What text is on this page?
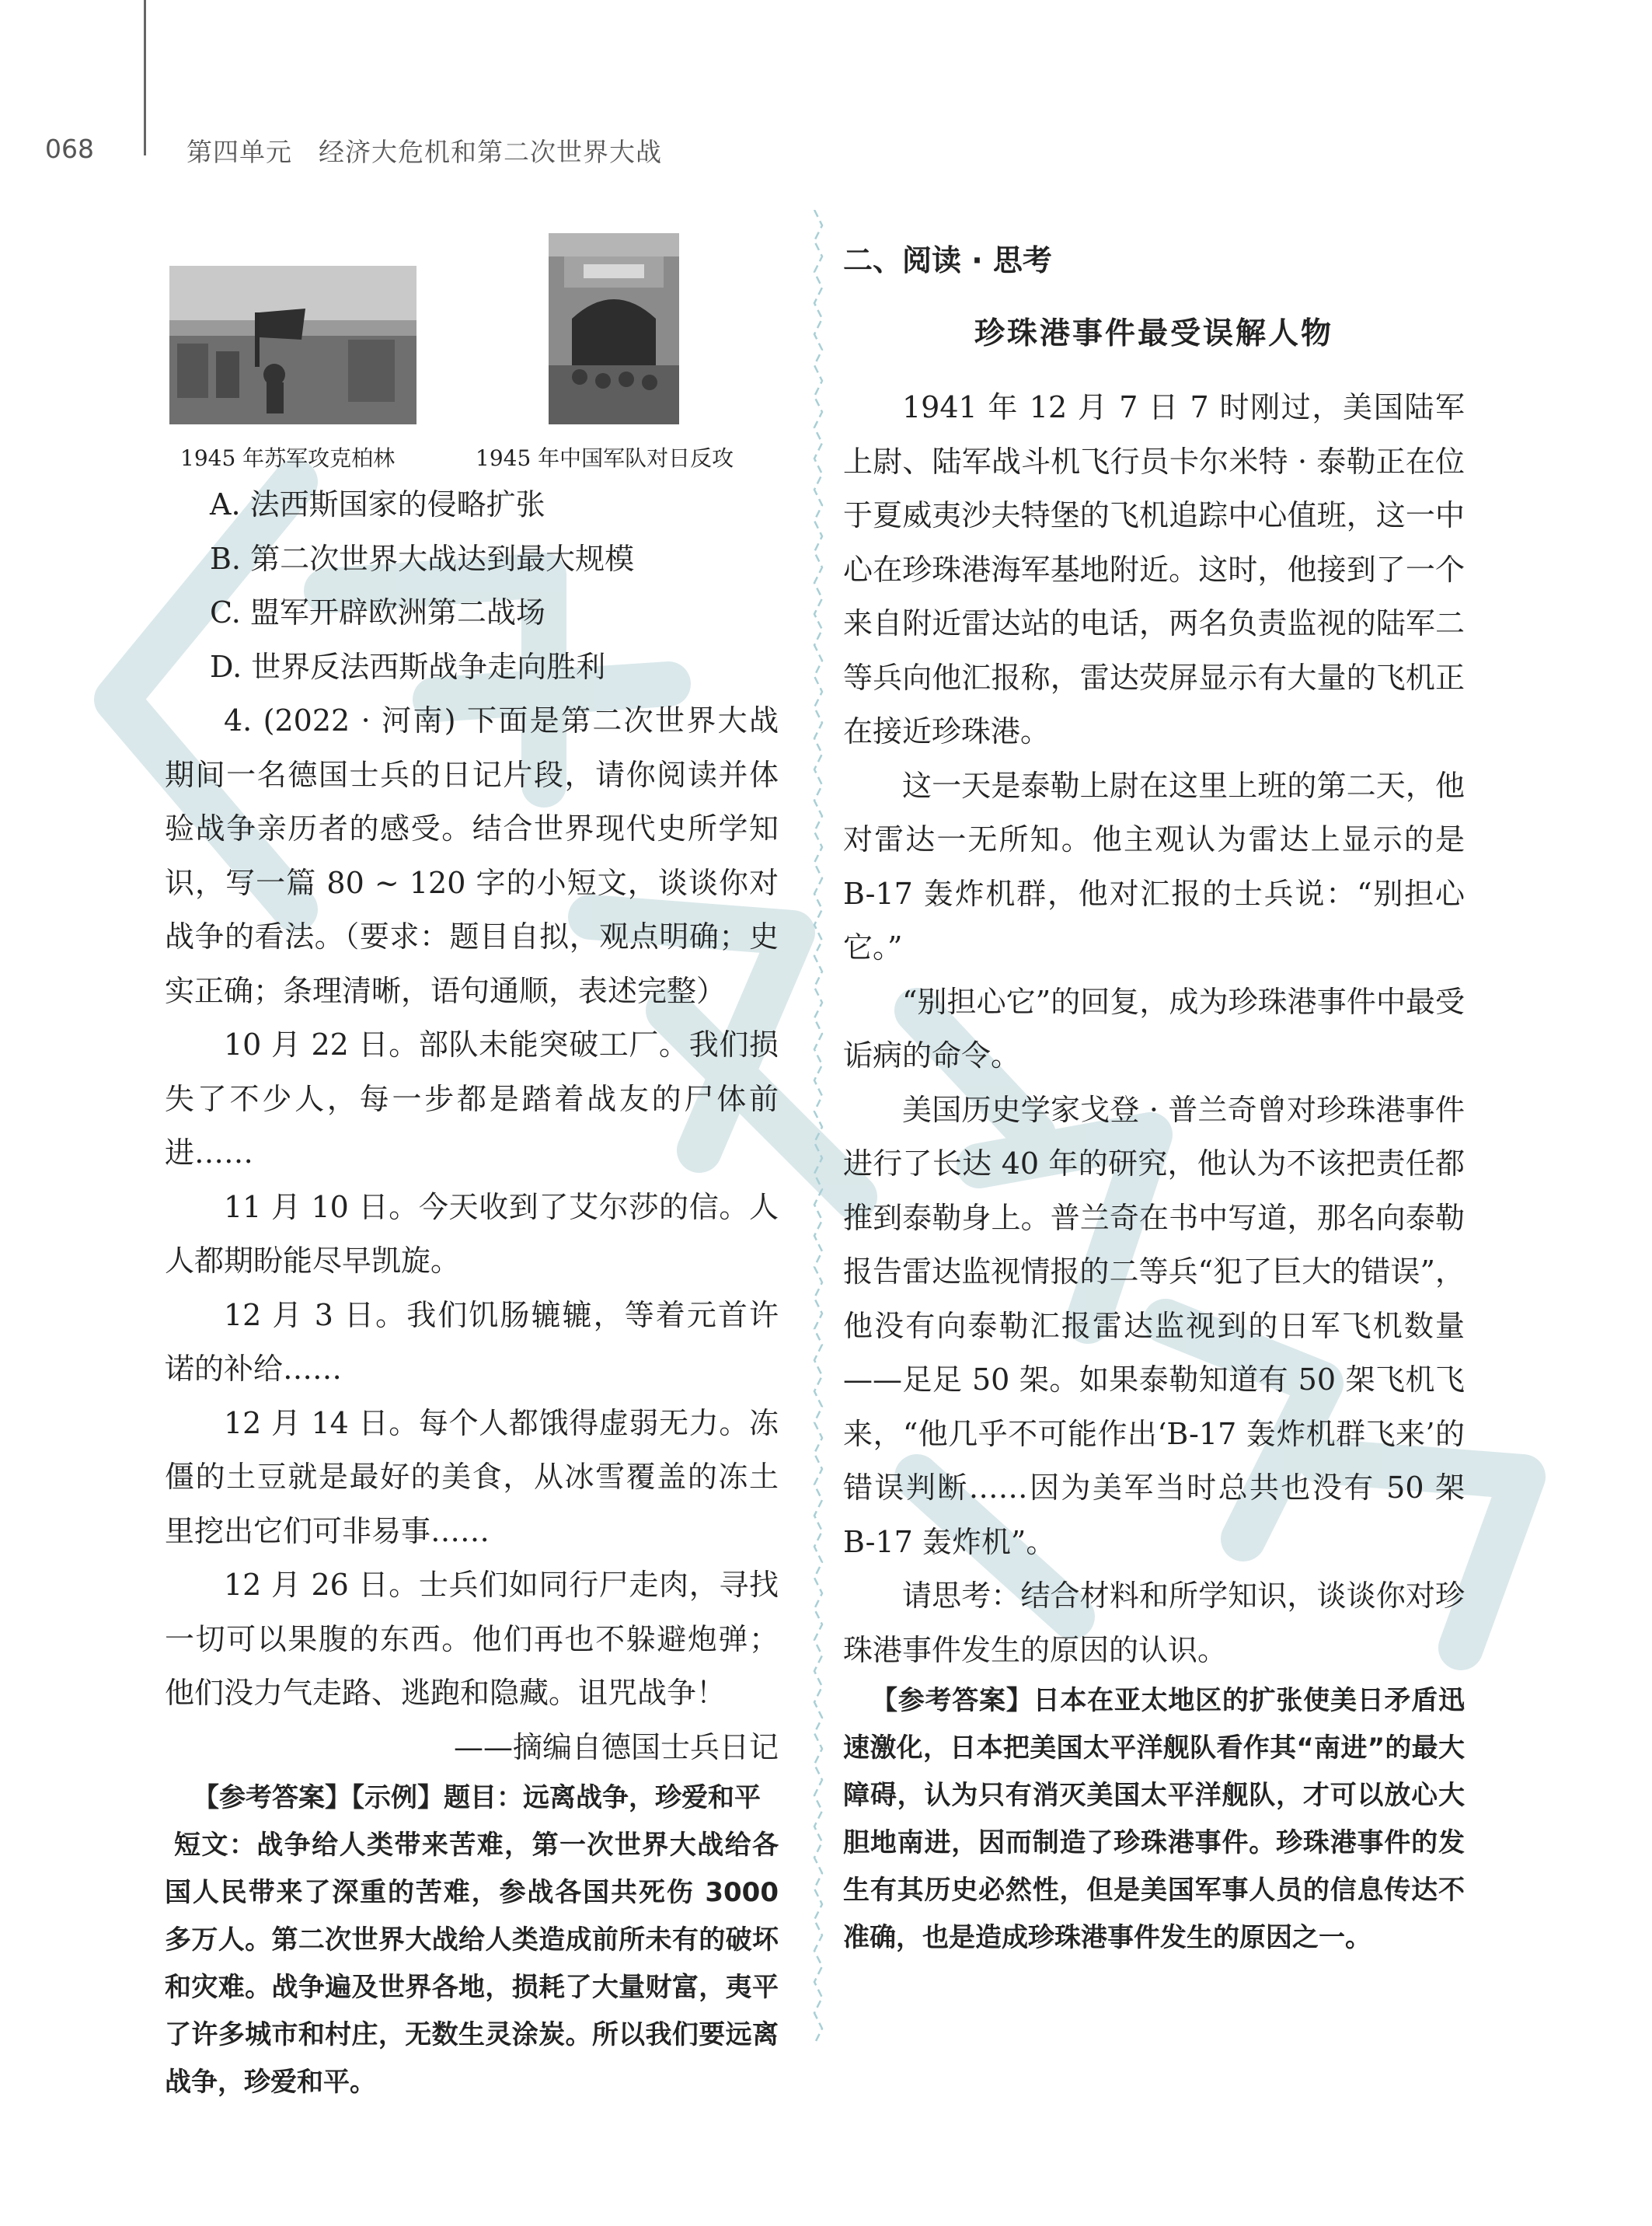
068	第四单元　经济大危机和第二次世界大战
1945 年苏军攻克柏林	1945 年中国军队对日反攻

A. 法西斯国家的侵略扩张

B. 第二次世界大战达到最大规模

C. 盟军开辟欧洲第二战场

D. 世界反法西斯战争走向胜利

4. (2022 · 河南) 下面是第二次世界大战期间一名德国士兵的日记片段，请你阅读并体验战争亲历者的感受。结合世界现代史所学知识，写一篇 80 ~ 120 字的小短文，谈谈你对战争的看法。（要求：题目自拟，观点明确；史实正确；条理清晰，语句通顺，表述完整）

10 月 22 日。部队未能突破工厂。我们损失了不少人，每一步都是踏着战友的尸体前进……

11 月 10 日。今天收到了艾尔莎的信。人人都期盼能尽早凯旋。

12 月 3 日。我们饥肠辘辘，等着元首许诺的补给……

12 月 14 日。每个人都饿得虚弱无力。冻僵的土豆就是最好的美食，从冰雪覆盖的冻土里挖出它们可非易事……

12 月 26 日。士兵们如同行尸走肉，寻找一切可以果腹的东西。他们再也不躲避炮弹；他们没力气走路、逃跑和隐藏。诅咒战争！

——摘编自德国士兵日记

【参考答案】【示例】题目：远离战争，珍爱和平

短文：战争给人类带来苦难，第一次世界大战给各国人民带来了深重的苦难，参战各国共死伤 3000 多万人。第二次世界大战给人类造成前所未有的破坏和灾难。战争遍及世界各地，损耗了大量财富，夷平了许多城市和村庄，无数生灵涂炭。所以我们要远离战争，珍爱和平。

二、阅读 · 思考

珍珠港事件最受误解人物

1941 年 12 月 7 日 7 时刚过，美国陆军上尉、陆军战斗机飞行员卡尔米特 · 泰勒正在位于夏威夷沙夫特堡的飞机追踪中心值班，这一中心在珍珠港海军基地附近。这时，他接到了一个来自附近雷达站的电话，两名负责监视的陆军二等兵向他汇报称，雷达荧屏显示有大量的飞机正在接近珍珠港。

这一天是泰勒上尉在这里上班的第二天，他对雷达一无所知。他主观认为雷达上显示的是 B-17 轰炸机群，他对汇报的士兵说：“别担心它。”

“别担心它”的回复，成为珍珠港事件中最受诟病的命令。

美国历史学家戈登 · 普兰奇曾对珍珠港事件进行了长达 40 年的研究，他认为不该把责任都推到泰勒身上。普兰奇在书中写道，那名向泰勒报告雷达监视情报的二等兵“犯了巨大的错误”，他没有向泰勒汇报雷达监视到的日军飞机数量——足足 50 架。如果泰勒知道有 50 架飞机飞来，“他几乎不可能作出‘B-17 轰炸机群飞来’的错误判断……因为美军当时总共也没有 50 架 B-17 轰炸机”。

请思考：结合材料和所学知识，谈谈你对珍珠港事件发生的原因的认识。

【参考答案】日本在亚太地区的扩张使美日矛盾迅速激化，日本把美国太平洋舰队看作其“南进”的最大障碍，认为只有消灭美国太平洋舰队，才可以放心大胆地南进，因而制造了珍珠港事件。珍珠港事件的发生有其历史必然性，但是美国军事人员的信息传达不准确，也是造成珍珠港事件发生的原因之一。
